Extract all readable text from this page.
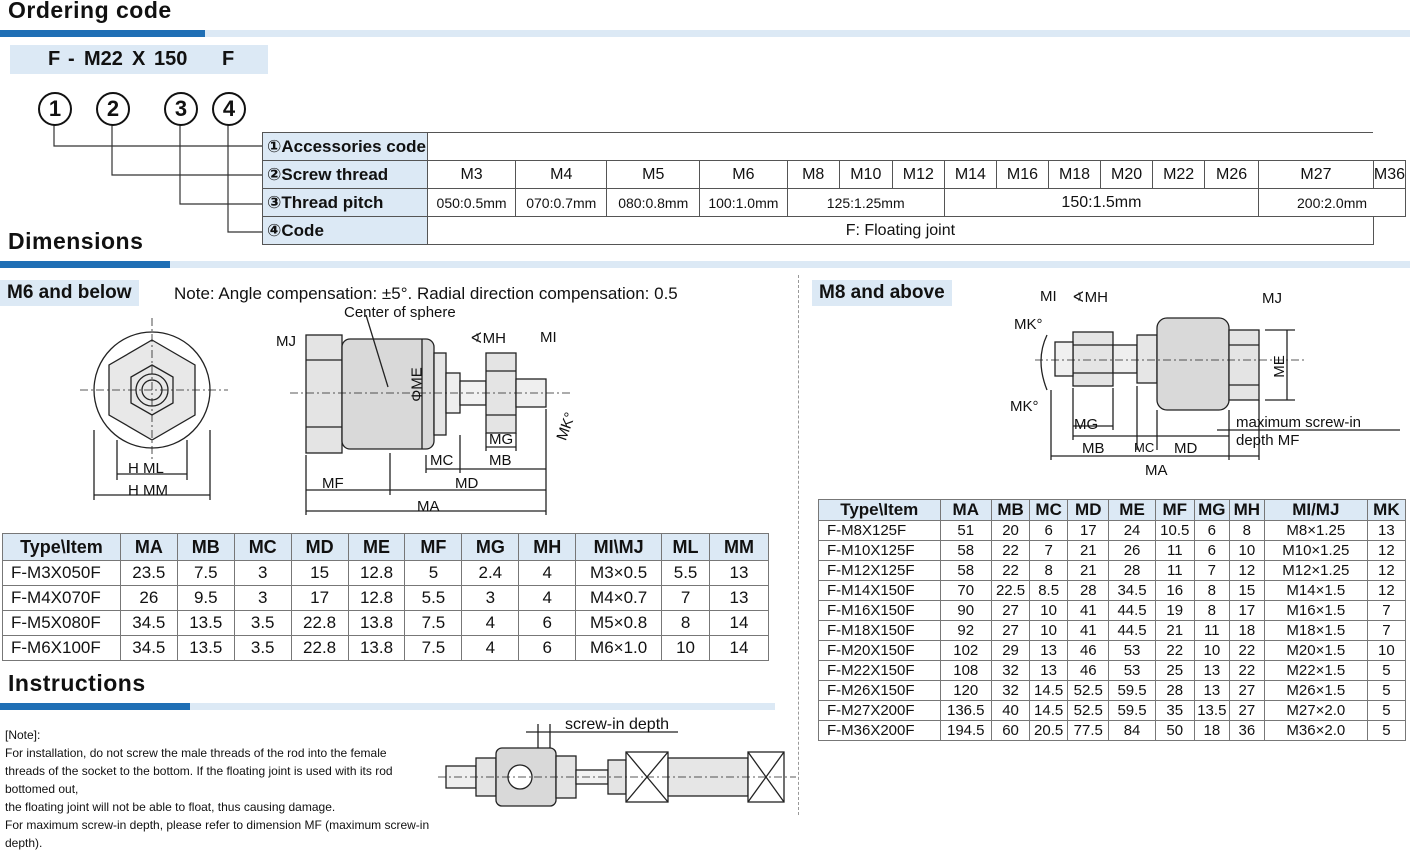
Ordering code
F - M22 X 150 F
1	2	3	4
①Accessories code															
②Screw thread	M3	M4	M5	M6	M8	M10	M12	M14	M16	M18	M20	M22	M26	M27	M36
③Thread pitch	050:0.5mm	070:0.7mm	080:0.8mm	100:1.0mm	125:1.25mm			150:1.5mm						200:2.0mm	
④Code	F: Floating joint														
Dimensions
M6 and below	Note: Angle compensation: ±5°. Radial direction compensation: 0.5	M8 and above
H ML
H MM
Center of sphere
MJ	∢MH MI
ΦME
MK°
MG
MC MB
MF	MD
MA
Type\Item	MA	MB	MC	MD	ME	MF	MG	MH	MI\MJ	ML	MM
F-M3X050F	23.5	7.5	3	15	12.8	5	2.4	4	M3×0.5	5.5	13
F-M4X070F	26	9.5	3	17	12.8	5.5	3	4	M4×0.7	7	13
F-M5X080F	34.5	13.5	3.5	22.8	13.8	7.5	4	6	M5×0.8	8	14
F-M6X100F	34.5	13.5	3.5	22.8	13.8	7.5	4	6	M6×1.0	10	14
MI ∢MH	MJ
MK°
MK°
ME
MG	maximum screw-in
depth MF
MB MC MD
MA
Type\Item	MA	MB	MC	MD	ME	MF	MG	MH	MI/MJ	MK
F-M8X125F	51	20	6	17	24	10.5	6	8	M8×1.25	13
F-M10X125F	58	22	7	21	26	11	6	10	M10×1.25	12
F-M12X125F	58	22	8	21	28	11	7	12	M12×1.25	12
F-M14X150F	70	22.5	8.5	28	34.5	16	8	15	M14×1.5	12
F-M16X150F	90	27	10	41	44.5	19	8	17	M16×1.5	7
F-M18X150F	92	27	10	41	44.5	21	11	18	M18×1.5	7
F-M20X150F	102	29	13	46	53	22	10	22	M20×1.5	10
F-M22X150F	108	32	13	46	53	25	13	22	M22×1.5	5
F-M26X150F	120	32	14.5	52.5	59.5	28	13	27	M26×1.5	5
F-M27X200F	136.5	40	14.5	52.5	59.5	35	13.5	27	M27×2.0	5
F-M36X200F	194.5	60	20.5	77.5	84	50	18	36	M36×2.0	5
Instructions
[Note]:
For installation, do not screw the male threads of the rod into the female
threads of the socket to the bottom. If the floating joint is used with its rod bottomed out,
the floating joint will not be able to float, thus causing damage.
For maximum screw-in depth, please refer to dimension MF (maximum screw-in depth).
screw-in depth
